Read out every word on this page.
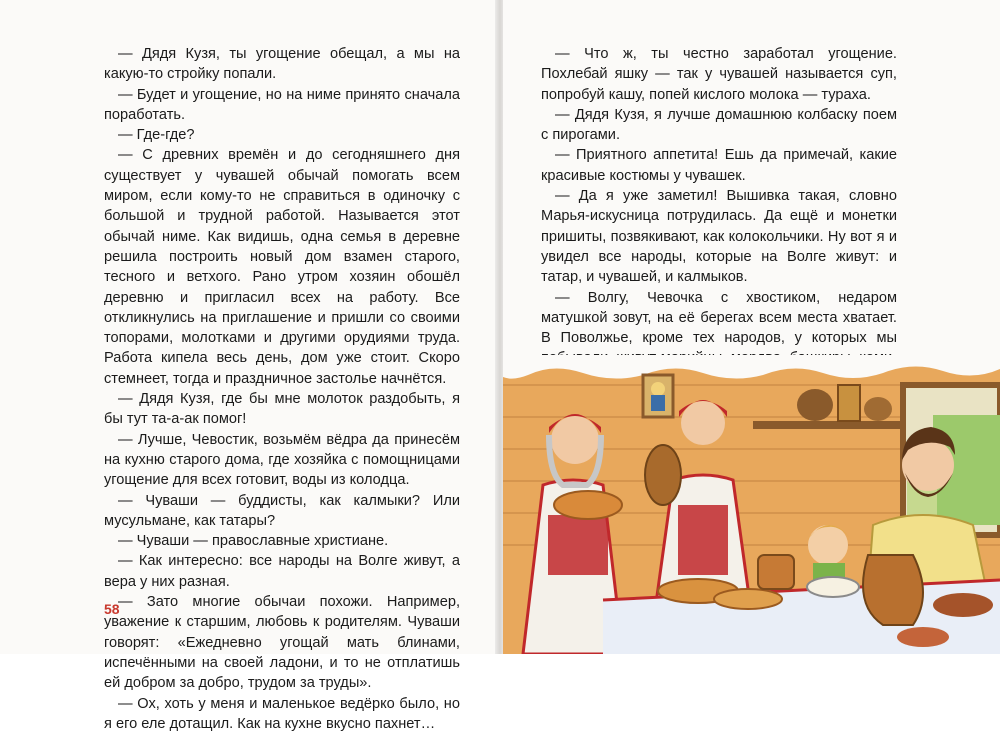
— Дядя Кузя, ты угощение обещал, а мы на какую-то стройку попали.

— Будет и угощение, но на ниме принято сначала поработать.

— Где-где?

— С древних времён и до сегодняшнего дня существует у чувашей обычай помогать всем миром, если кому-то не справиться в одиночку с большой и трудной работой. Называется этот обычай ниме. Как видишь, одна семья в деревне решила построить новый дом взамен старого, тесного и ветхого. Рано утром хозяин обошёл деревню и пригласил всех на работу. Все откликнулись на приглашение и пришли со своими топорами, молотками и другими орудиями труда. Работа кипела весь день, дом уже стоит. Скоро стемнеет, тогда и праздничное застолье начнётся.

— Дядя Кузя, где бы мне молоток раздобыть, я бы тут та-а-ак помог!

— Лучше, Чевостик, возьмём вёдра да принесём на кухню старого дома, где хозяйка с помощницами угощение для всех готовит, воды из колодца.

— Чуваши — буддисты, как калмыки? Или мусульмане, как татары?

— Чуваши — православные христиане.

— Как интересно: все народы на Волге живут, а вера у них разная.

— Зато многие обычаи похожи. Например, уважение к старшим, любовь к родителям. Чуваши говорят: «Ежедневно угощай мать блинами, испечёнными на своей ладони, и то не отплатишь ей добром за добро, трудом за труды».

— Ох, хоть у меня и маленькое ведёрко было, но я его еле дотащил. Как на кухне вкусно пахнет…

58

— Что ж, ты честно заработал угощение. Похлебай яшку — так у чувашей называется суп, попробуй кашу, попей кислого молока — тураха.

— Дядя Кузя, я лучше домашнюю колбаску поем с пирогами.

— Приятного аппетита! Ешь да примечай, какие красивые костюмы у чувашек.

— Да я уже заметил! Вышивка такая, словно Марья-искусница потрудилась. Да ещё и монетки пришиты, позвякивают, как колокольчики. Ну вот я и увидел все народы, которые на Волге живут: и татар, и чувашей, и калмыков.

— Волгу, Чевочка с хвостиком, недаром матушкой зовут, на её берегах всем места хватает. В Поволжье, кроме тех народов, у которых мы
